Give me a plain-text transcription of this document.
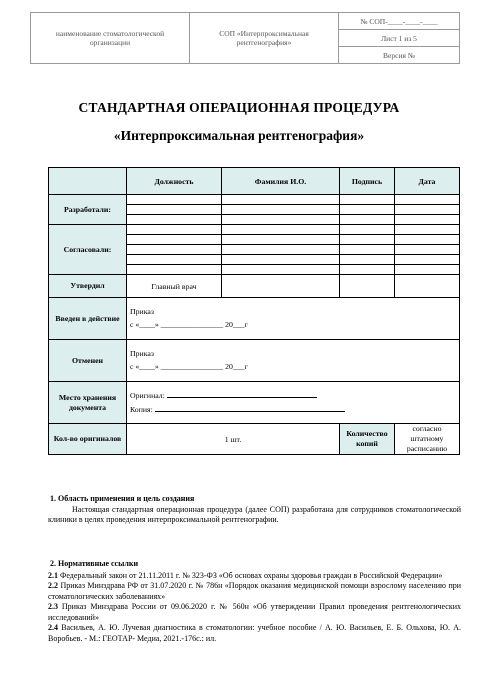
наименование стоматологической организации	СОП «Интерпроксимальная рентгенография»	№ СОП-____-____-____
Лист 1 из 5
Версия №
СТАНДАРТНАЯ ОПЕРАЦИОННАЯ ПРОЦЕДУРА
«Интерпроксимальная рентгенография»
	Должность	Фамилия И.О.	Подпись	Дата
Разработали:				

Согласовали:				

Утвердил	Главный врач			
Введен в действие	Приказ
с «____» ________________ 20___г			

Отменен	Приказ
с «____» ________________ 20___г			

Место хранения документа	Оригинал:
Копия:			

Кол-во оригиналов	1 шт.		Количество копий	согласно штатному расписанию
1. Область применения и цель создания
Настоящая стандартная операционная процедура (далее СОП) разработана для сотрудников стоматологической клиники в целях проведения интерпроксимальной рентгенографии.
2. Нормативные ссылки
2.1 Федеральный закон от 21.11.2011 г. № 323-ФЗ «Об основах охраны здоровья граждан в Российской Федерации»
2.2 Приказ Минздрава РФ от 31.07.2020 г. № 786н «Порядок оказания медицинской помощи взрослому населению при стоматологических заболеваниях»
2.3 Приказ Минздрава России от 09.06.2020 г. № 560н «Об утверждении Правил проведения рентгенологических исследований»
2.4 Васильев, А. Ю. Лучевая диагностика в стоматологии: учебное пособие / А. Ю. Васильев, Е. Б. Ольхова, Ю. А. Воробьев. - М.: ГЕОТАР- Медиа, 2021.-176с.: ил.
